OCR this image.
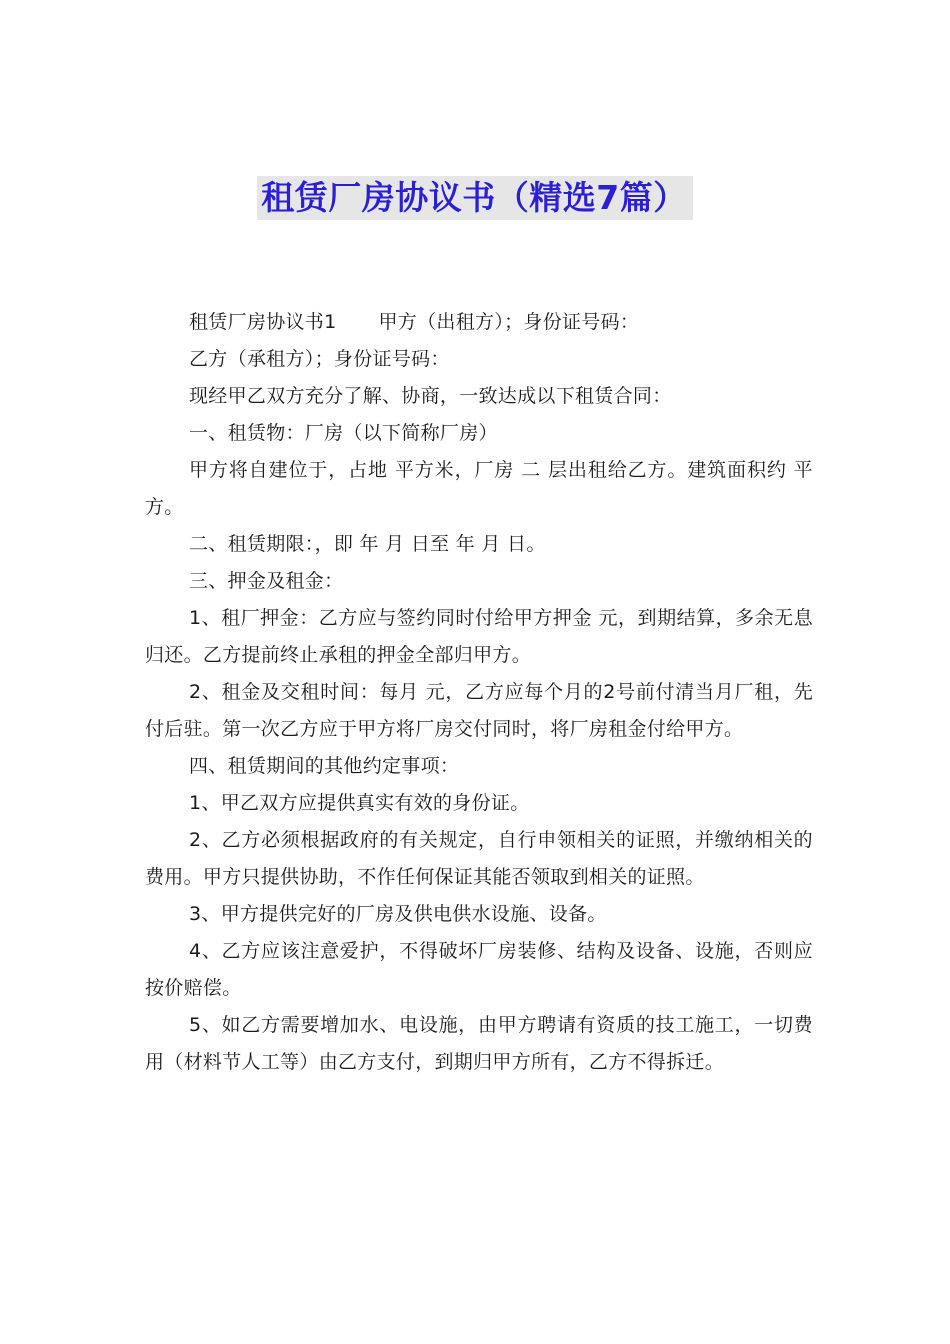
租赁厂房协议书（精选7篇）

租赁厂房协议书1 甲方（出租方）；身份证号码：

乙方（承租方）；身份证号码：

现经甲乙双方充分了解、协商，一致达成以下租赁合同：

一、租赁物：厂房（以下简称厂房）

甲方将自建位于，占地 平方米，厂房 二 层出租给乙方。建筑面积约 平方。

二、租赁期限：，即 年 月 日至 年 月 日。

三、押金及租金：

1、租厂押金：乙方应与签约同时付给甲方押金 元，到期结算，多余无息归还。乙方提前终止承租的押金全部归甲方。

2、租金及交租时间：每月 元，乙方应每个月的2号前付清当月厂租，先付后驻。第一次乙方应于甲方将厂房交付同时，将厂房租金付给甲方。

四、租赁期间的其他约定事项：

1、甲乙双方应提供真实有效的身份证。

2、乙方必须根据政府的有关规定，自行申领相关的证照，并缴纳相关的费用。甲方只提供协助，不作任何保证其能否领取到相关的证照。

3、甲方提供完好的厂房及供电供水设施、设备。

4、乙方应该注意爱护，不得破坏厂房装修、结构及设备、设施，否则应按价赔偿。

5、如乙方需要增加水、电设施，由甲方聘请有资质的技工施工，一切费用（材料节人工等）由乙方支付，到期归甲方所有，乙方不得拆迁。
